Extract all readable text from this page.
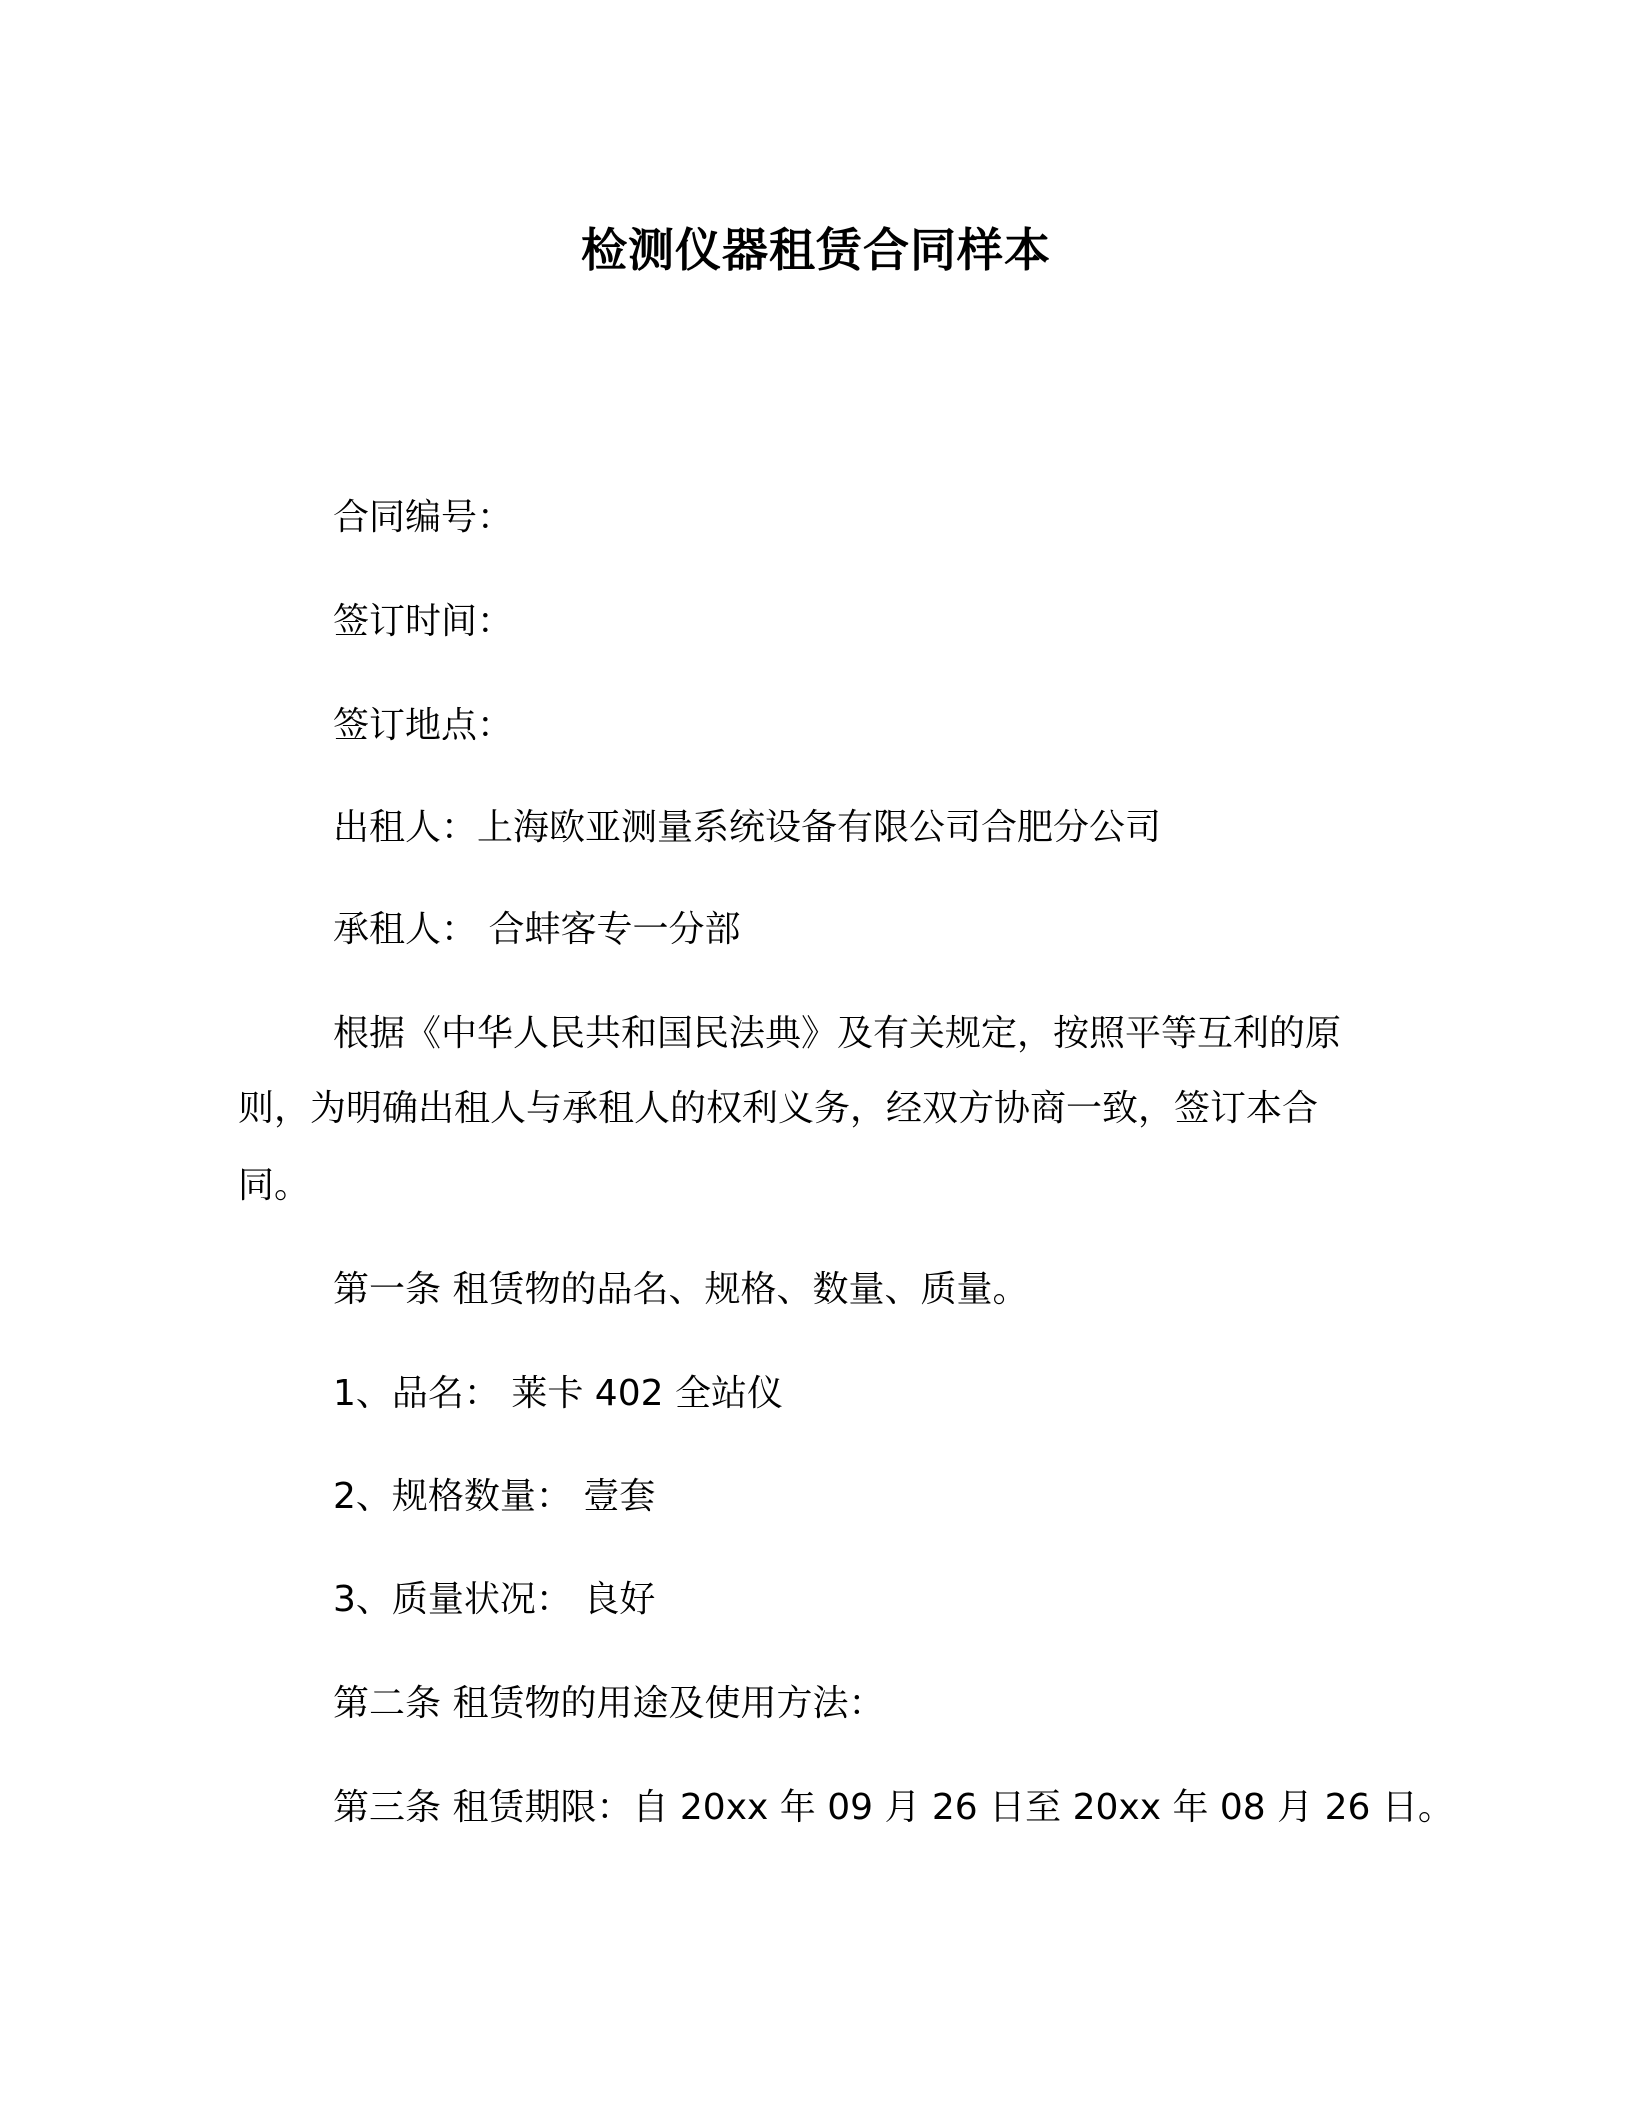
检测仪器租赁合同样本
合同编号：
签订时间：
签订地点：
出租人：上海欧亚测量系统设备有限公司合肥分公司
承租人： 合蚌客专一分部
根据《中华人民共和国民法典》及有关规定，按照平等互利的原
则，为明确出租人与承租人的权利义务，经双方协商一致，签订本合
同。
第一条 租赁物的品名、规格、数量、质量。
1、品名： 莱卡 402 全站仪
2、规格数量： 壹套
3、质量状况： 良好
第二条 租赁物的用途及使用方法：
第三条 租赁期限：自 20xx 年 09 月 26 日至 20xx 年 08 月 26 日。
